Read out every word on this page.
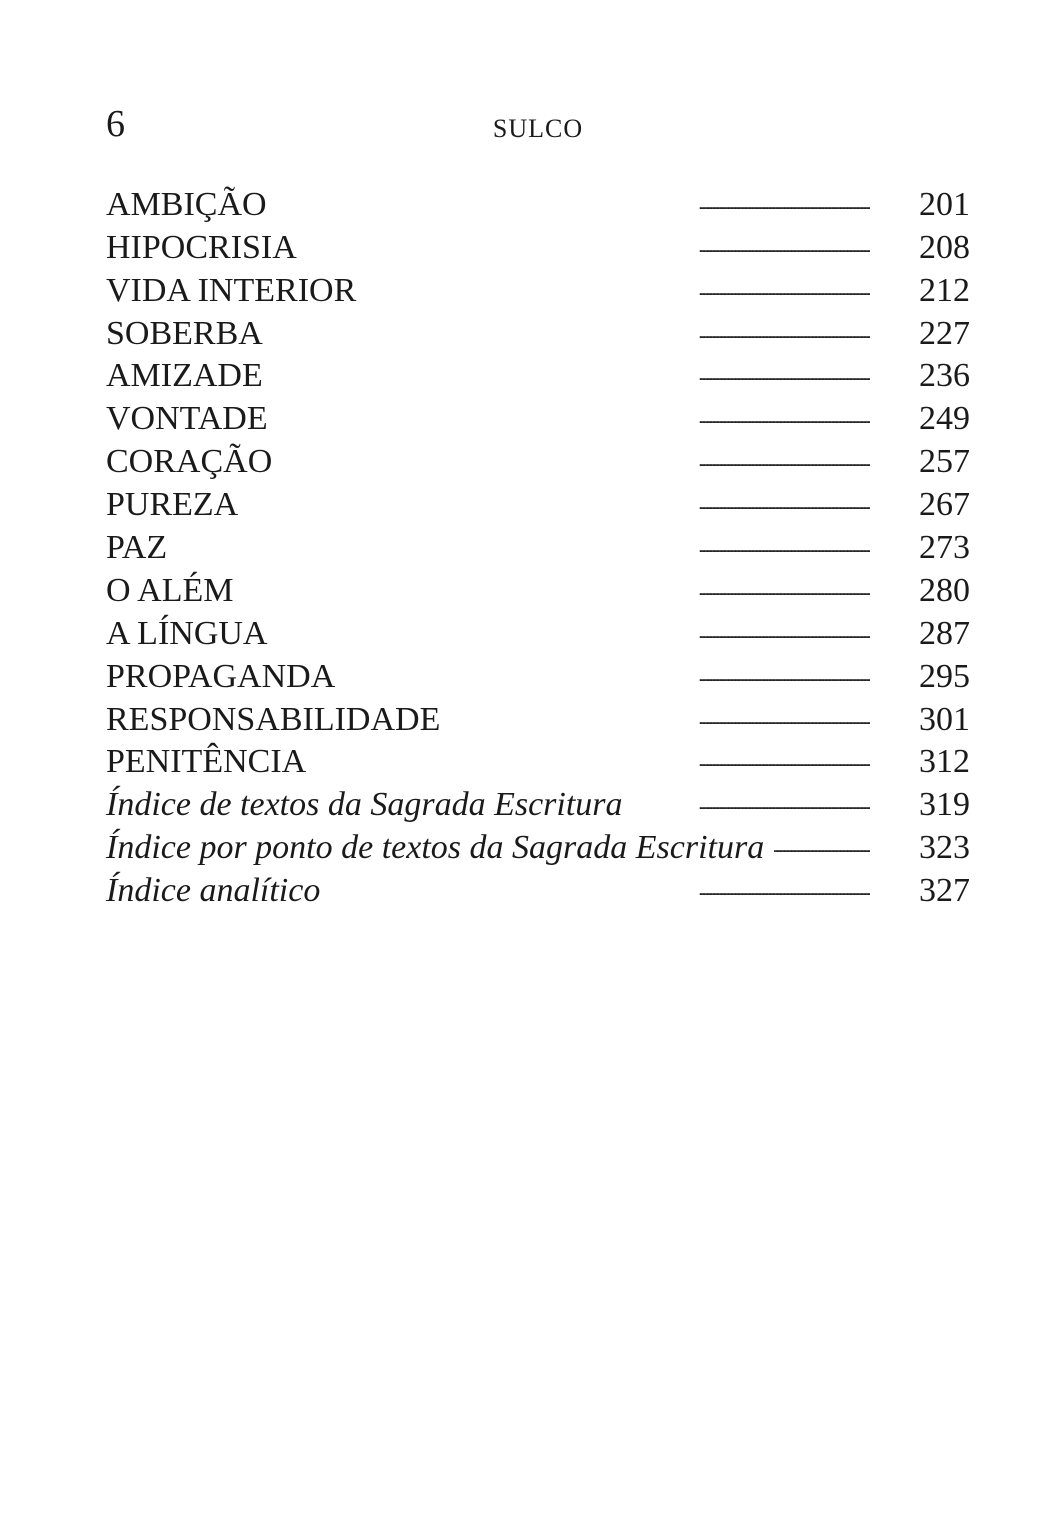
6	SULCO
AMBIÇÃO . . .	201
HIPOCRISIA . . .	208
VIDA INTERIOR . . .	212
SOBERBA . . .	227
AMIZADE . . .	236
VONTADE . . .	249
CORAÇÃO . . .	257
PUREZA . . .	267
PAZ . . .	273
O ALÉM . . .	280
A LÍNGUA . . .	287
PROPAGANDA . . .	295
RESPONSABILIDADE . . .	301
PENITÊNCIA . . .	312
Índice de textos da Sagrada Escritura . . .	319
Índice por ponto de textos da Sagrada Escritura . . .	323
Índice analítico . . .	327
